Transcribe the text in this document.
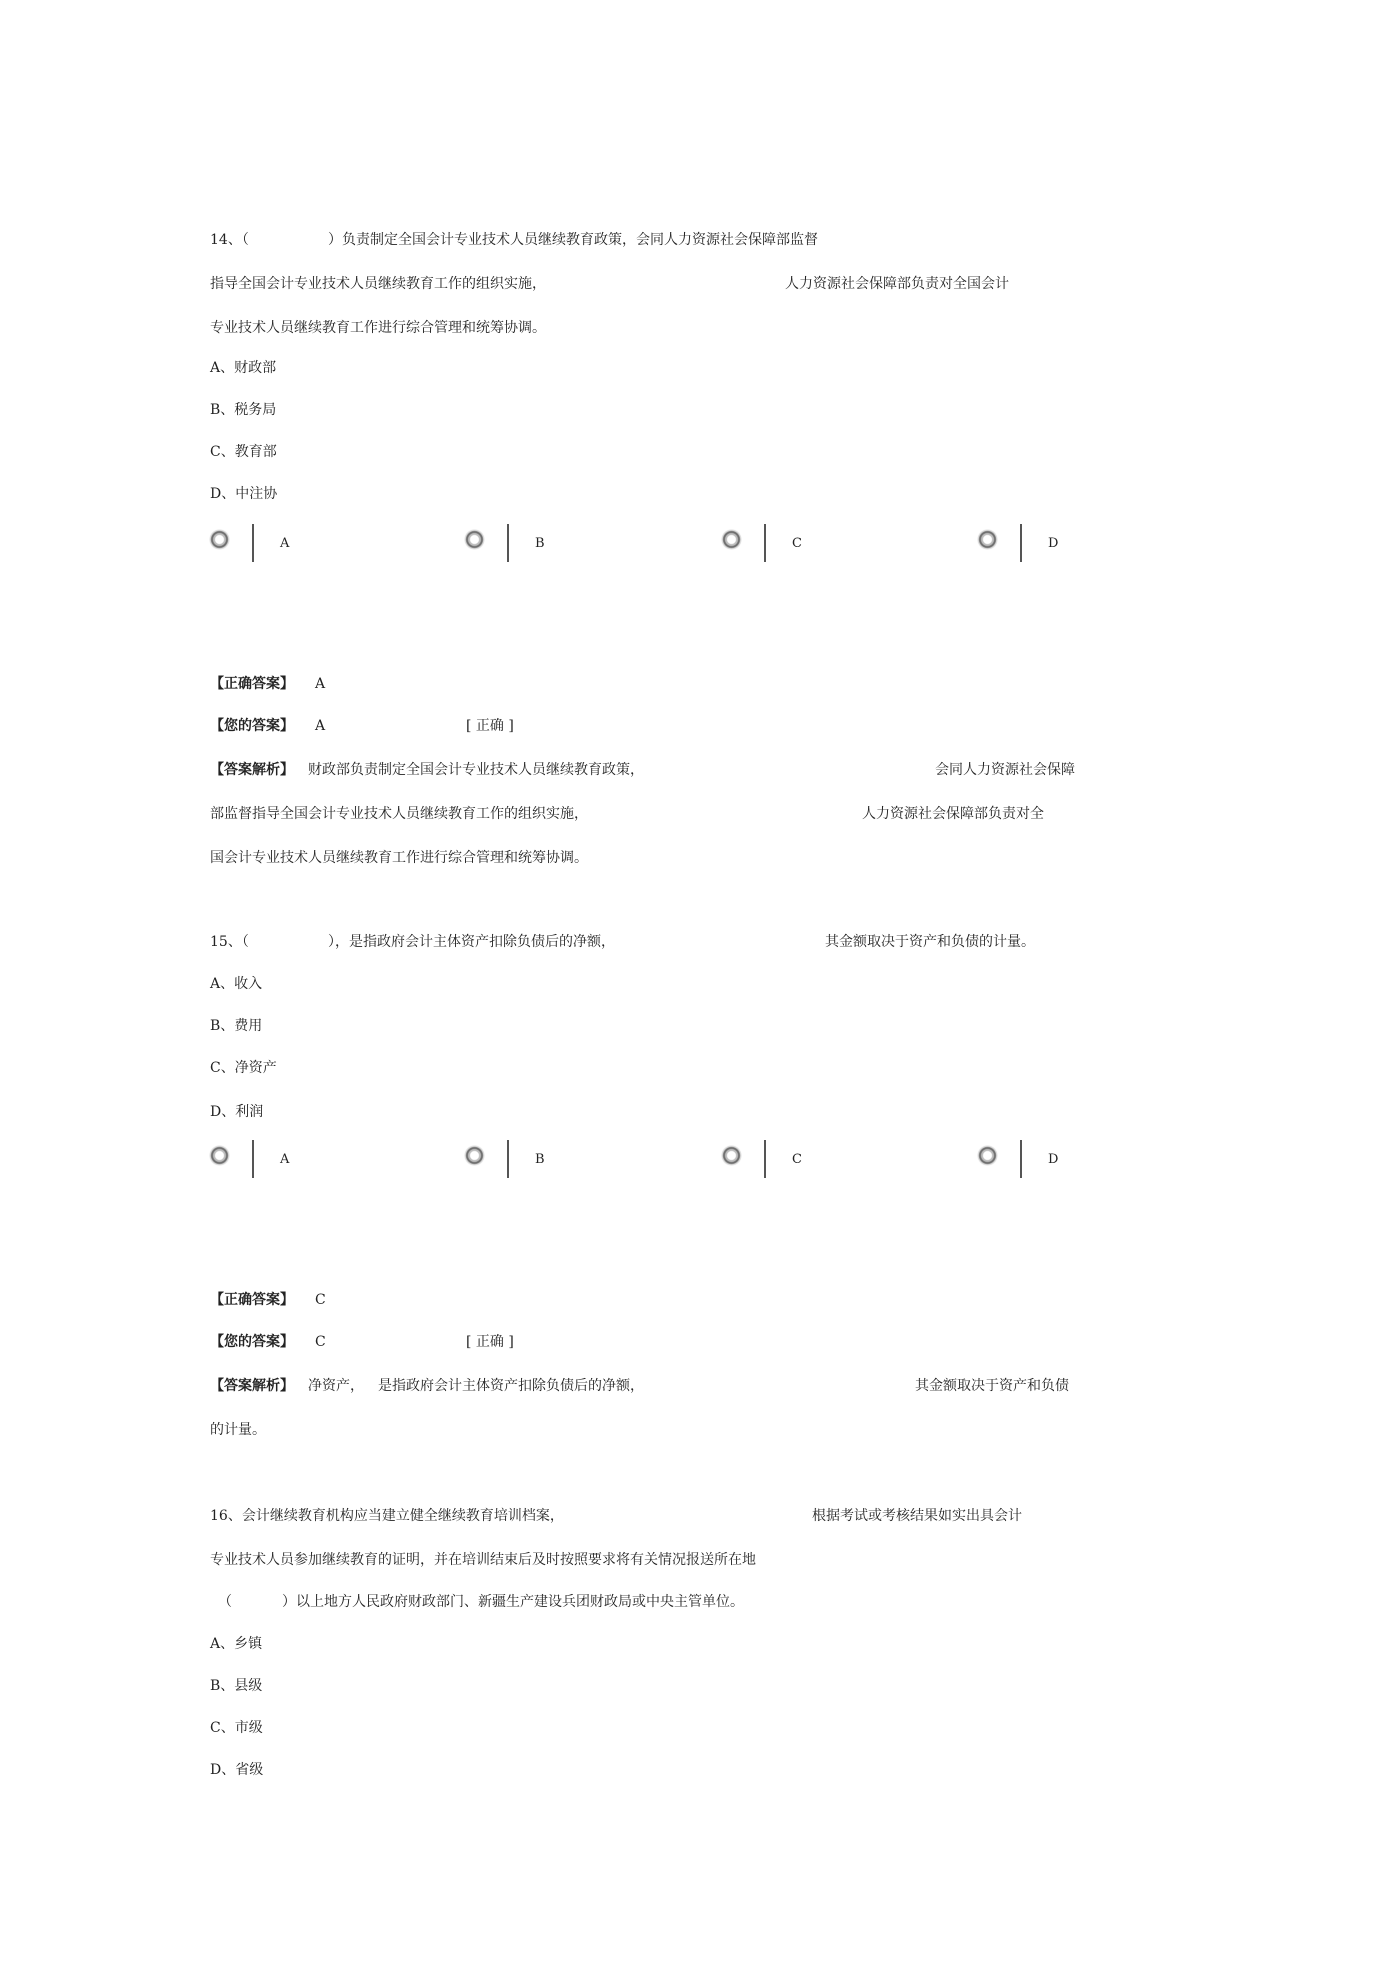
14、（	）负责制定全国会计专业技术人员继续教育政策，会同人力资源社会保障部监督
指导全国会计专业技术人员继续教育工作的组织实施，	人力资源社会保障部负责对全国会计
专业技术人员继续教育工作进行综合管理和统筹协调。
A、财政部
B、税务局
C、教育部
D、中注协
A	B	C	D
【正确答案】 A
【您的答案】 A	[ 正确 ]
【答案解析】 财政部负责制定全国会计专业技术人员继续教育政策，	会同人力资源社会保障
部监督指导全国会计专业技术人员继续教育工作的组织实施，	人力资源社会保障部负责对全
国会计专业技术人员继续教育工作进行综合管理和统筹协调。
15、（	），是指政府会计主体资产扣除负债后的净额，	其金额取决于资产和负债的计量。
A、收入
B、费用
C、净资产
D、利润
A	B	C	D
【正确答案】 C
【您的答案】 C	[ 正确 ]
【答案解析】 净资产， 是指政府会计主体资产扣除负债后的净额，	其金额取决于资产和负债
的计量。
16、会计继续教育机构应当建立健全继续教育培训档案，	根据考试或考核结果如实出具会计
专业技术人员参加继续教育的证明，并在培训结束后及时按照要求将有关情况报送所在地
（	）以上地方人民政府财政部门、新疆生产建设兵团财政局或中央主管单位。
A、乡镇
B、县级
C、市级
D、省级
